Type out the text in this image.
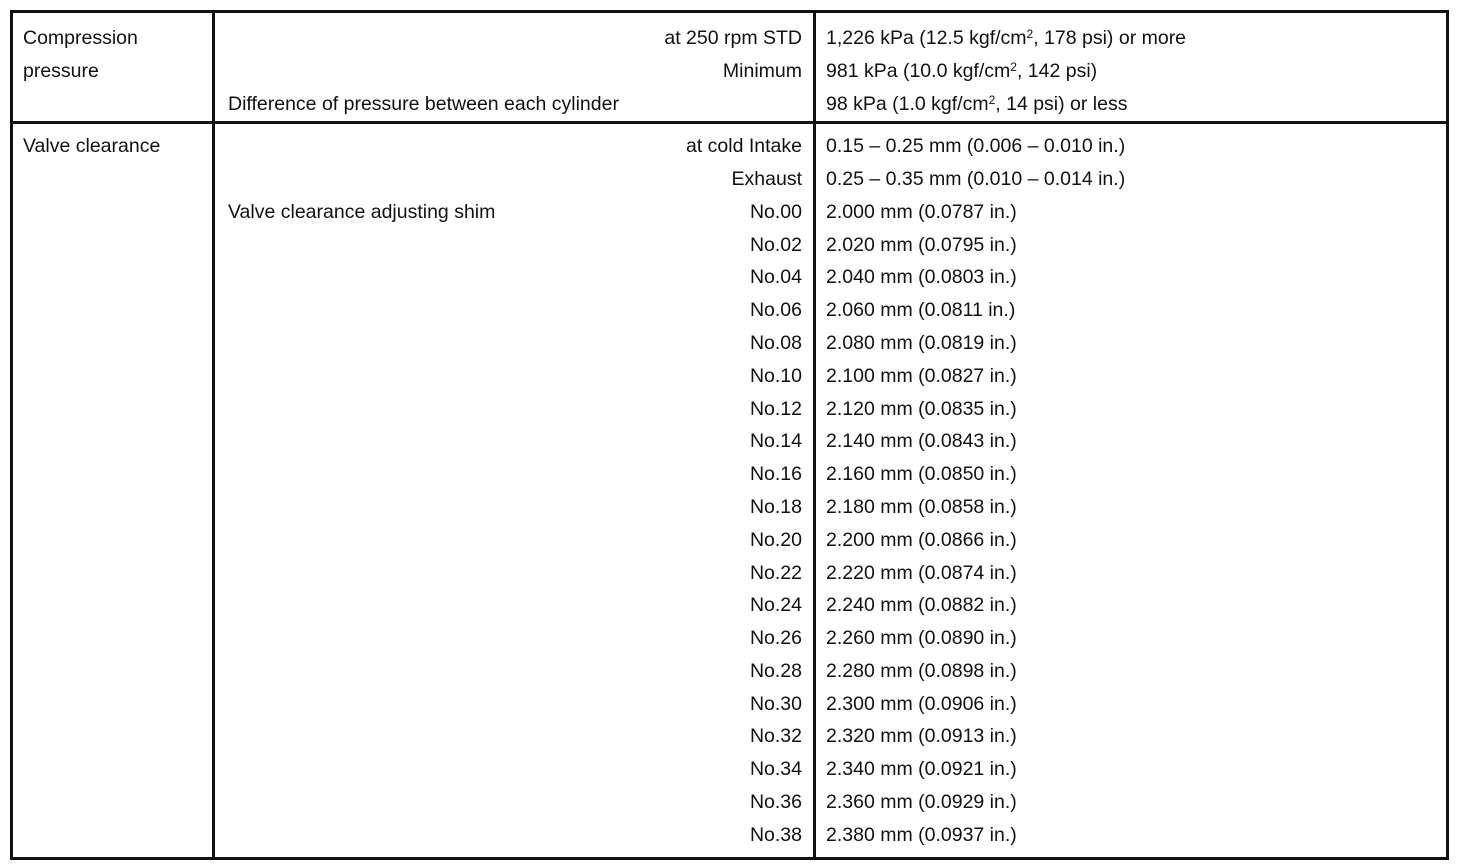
Compression
pressure
at 250 rpm STD 1,226 kPa (12.5 kgf/$cm^2$, 178 psi) or more
Minimum 981 kPa (10.0 kgf/$cm^2$, 142 psi)
Difference of pressure between each cylinder	98 kPa (1.0 kgf/$cm^2$, 14 psi) or less
Valve clearance	at cold Intake 0.15 – 0.25 mm (0.006 – 0.010 in.)
Exhaust 0.25 – 0.35 mm (0.010 – 0.014 in.)
Valve clearance adjusting shim	No.00 2.000 mm (0.0787 in.)
No.02 2.020 mm (0.0795 in.)
No.04 2.040 mm (0.0803 in.)
No.06 2.060 mm (0.0811 in.)
No.08 2.080 mm (0.0819 in.)
No.10 2.100 mm (0.0827 in.)
No.12 2.120 mm (0.0835 in.)
No.14 2.140 mm (0.0843 in.)
No.16 2.160 mm (0.0850 in.)
No.18 2.180 mm (0.0858 in.)
No.20 2.200 mm (0.0866 in.)
No.22 2.220 mm (0.0874 in.)
No.24 2.240 mm (0.0882 in.)
No.26 2.260 mm (0.0890 in.)
No.28 2.280 mm (0.0898 in.)
No.30 2.300 mm (0.0906 in.)
No.32 2.320 mm (0.0913 in.)
No.34 2.340 mm (0.0921 in.)
No.36 2.360 mm (0.0929 in.)
No.38 2.380 mm (0.0937 in.)
